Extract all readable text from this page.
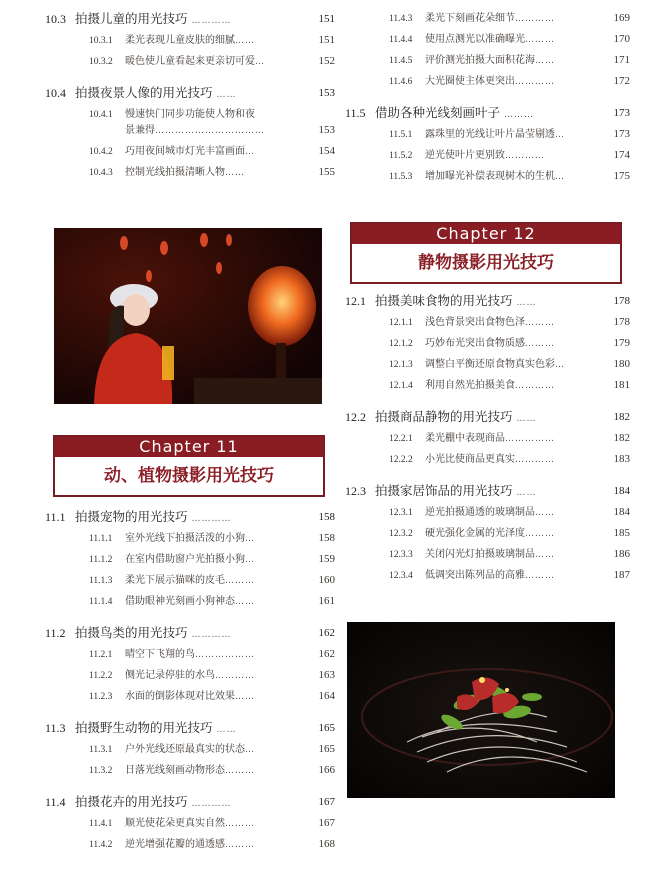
10.3 拍摄儿童的用光技巧 …………	151
10.3.1 柔光表现儿童皮肤的细腻……	151
10.3.2 暖色使儿童看起来更亲切可爱…	152
10.4 拍摄夜景人像的用光技巧 ……	153
10.4.1 慢速快门同步功能使人物和夜
景兼得……………………………	153
10.4.2 巧用夜间城市灯光丰富画面…	154
10.4.3 控制光线拍摄清晰人物……	155
Chapter 11
动、植物摄影用光技巧
11.1 拍摄宠物的用光技巧 …………	158
11.1.1 室外光线下拍摄活泼的小狗…	158
11.1.2 在室内借助窗户光拍摄小狗…	159
11.1.3 柔光下展示猫咪的皮毛………	160
11.1.4 借助眼神光刻画小狗神态……	161
11.2 拍摄鸟类的用光技巧 …………	162
11.2.1 晴空下飞翔的鸟………………	162
11.2.2 侧光记录停驻的水鸟…………	163
11.2.3 水面的倒影体现对比效果……	164
11.3 拍摄野生动物的用光技巧 ……	165
11.3.1 户外光线还原最真实的状态…	165
11.3.2 日落光线刻画动物形态………	166
11.4 拍摄花卉的用光技巧 …………	167
11.4.1 顺光使花朵更真实自然………	167
11.4.2 逆光增强花瓣的通透感………	168
11.4.3 柔光下刻画花朵细节…………	169
11.4.4 使用点测光以准确曝光………	170
11.4.5 评价测光拍摄大面积花海……	171
11.4.6 大光圈使主体更突出…………	172
11.5 借助各种光线刻画叶子 ………	173
11.5.1 露珠里的光线让叶片晶莹剔透…	173
11.5.2 逆光使叶片更别致…………	174
11.5.3 增加曝光补偿表现树木的生机…	175
Chapter 12
静物摄影用光技巧
12.1 拍摄美味食物的用光技巧 ……	178
12.1.1 浅色背景突出食物色泽………	178
12.1.2 巧妙布光突出食物质感………	179
12.1.3 调整白平衡还原食物真实色彩…	180
12.1.4 利用自然光拍摄美食…………	181
12.2 拍摄商品静物的用光技巧 ……	182
12.2.1 柔光棚中表现商品……………	182
12.2.2 小光比使商品更真实…………	183
12.3 拍摄家居饰品的用光技巧 ……	184
12.3.1 逆光拍摄通透的玻璃制品……	184
12.3.2 硬光强化金属的光泽度………	185
12.3.3 关闭闪光灯拍摄玻璃制品……	186
12.3.4 低调突出陈列品的高雅………	187
